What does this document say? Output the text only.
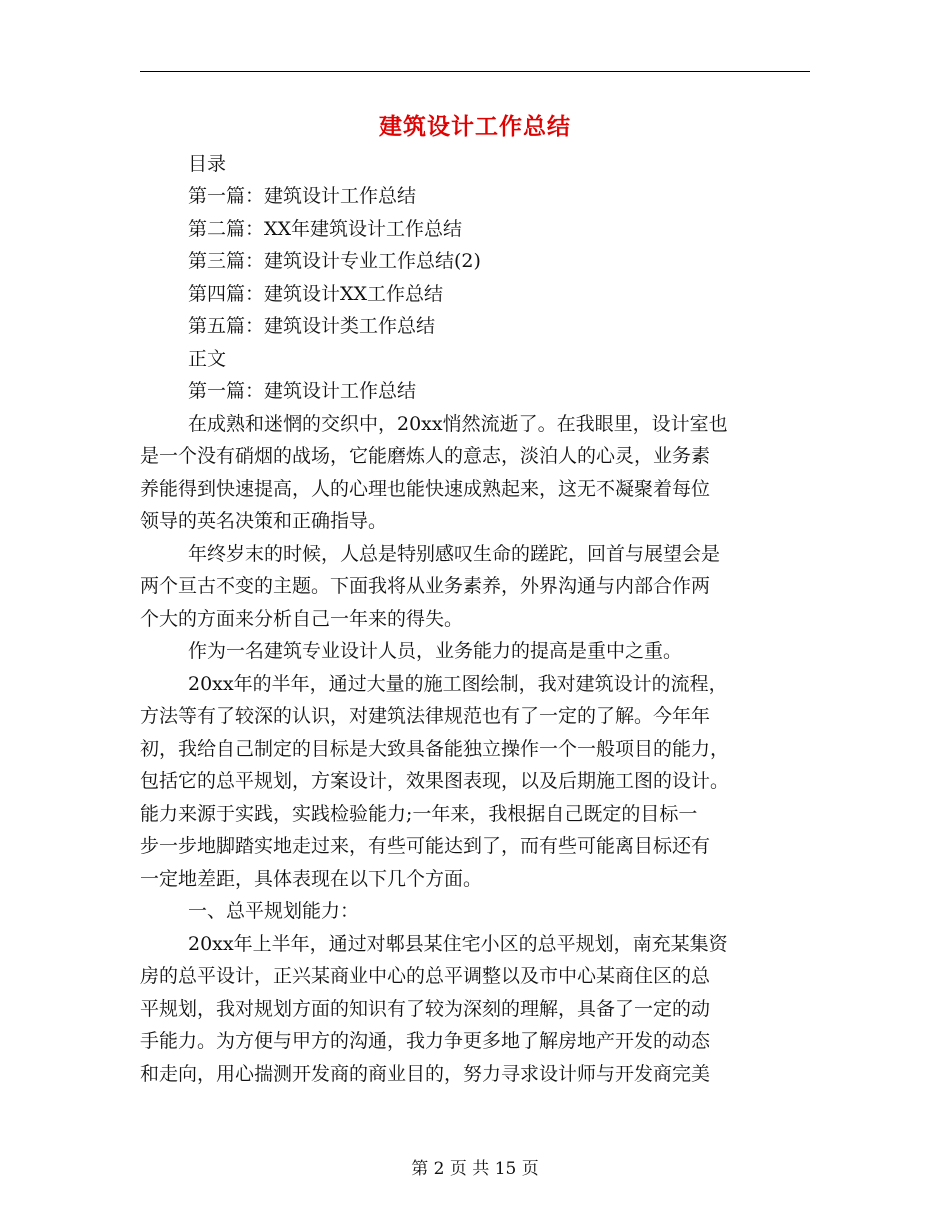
建筑设计工作总结
目录
第一篇：建筑设计工作总结
第二篇：XX年建筑设计工作总结
第三篇：建筑设计专业工作总结(2)
第四篇：建筑设计XX工作总结
第五篇：建筑设计类工作总结
正文
第一篇：建筑设计工作总结
在成熟和迷惘的交织中，20xx悄然流逝了。在我眼里，设计室也
是一个没有硝烟的战场，它能磨炼人的意志，淡泊人的心灵，业务素
养能得到快速提高，人的心理也能快速成熟起来，这无不凝聚着每位
领导的英名决策和正确指导。
年终岁末的时候，人总是特别感叹生命的蹉跎，回首与展望会是
两个亘古不变的主题。下面我将从业务素养，外界沟通与内部合作两
个大的方面来分析自己一年来的得失。
作为一名建筑专业设计人员，业务能力的提高是重中之重。
20xx年的半年，通过大量的施工图绘制，我对建筑设计的流程，
方法等有了较深的认识，对建筑法律规范也有了一定的了解。今年年
初，我给自己制定的目标是大致具备能独立操作一个一般项目的能力，
包括它的总平规划，方案设计，效果图表现，以及后期施工图的设计。
能力来源于实践，实践检验能力;一年来，我根据自己既定的目标一
步一步地脚踏实地走过来，有些可能达到了，而有些可能离目标还有
一定地差距，具体表现在以下几个方面。
一、总平规划能力：
20xx年上半年，通过对郫县某住宅小区的总平规划，南充某集资
房的总平设计，正兴某商业中心的总平调整以及市中心某商住区的总
平规划，我对规划方面的知识有了较为深刻的理解，具备了一定的动
手能力。为方便与甲方的沟通，我力争更多地了解房地产开发的动态
和走向，用心揣测开发商的商业目的，努力寻求设计师与开发商完美
第 2 页 共 15 页
